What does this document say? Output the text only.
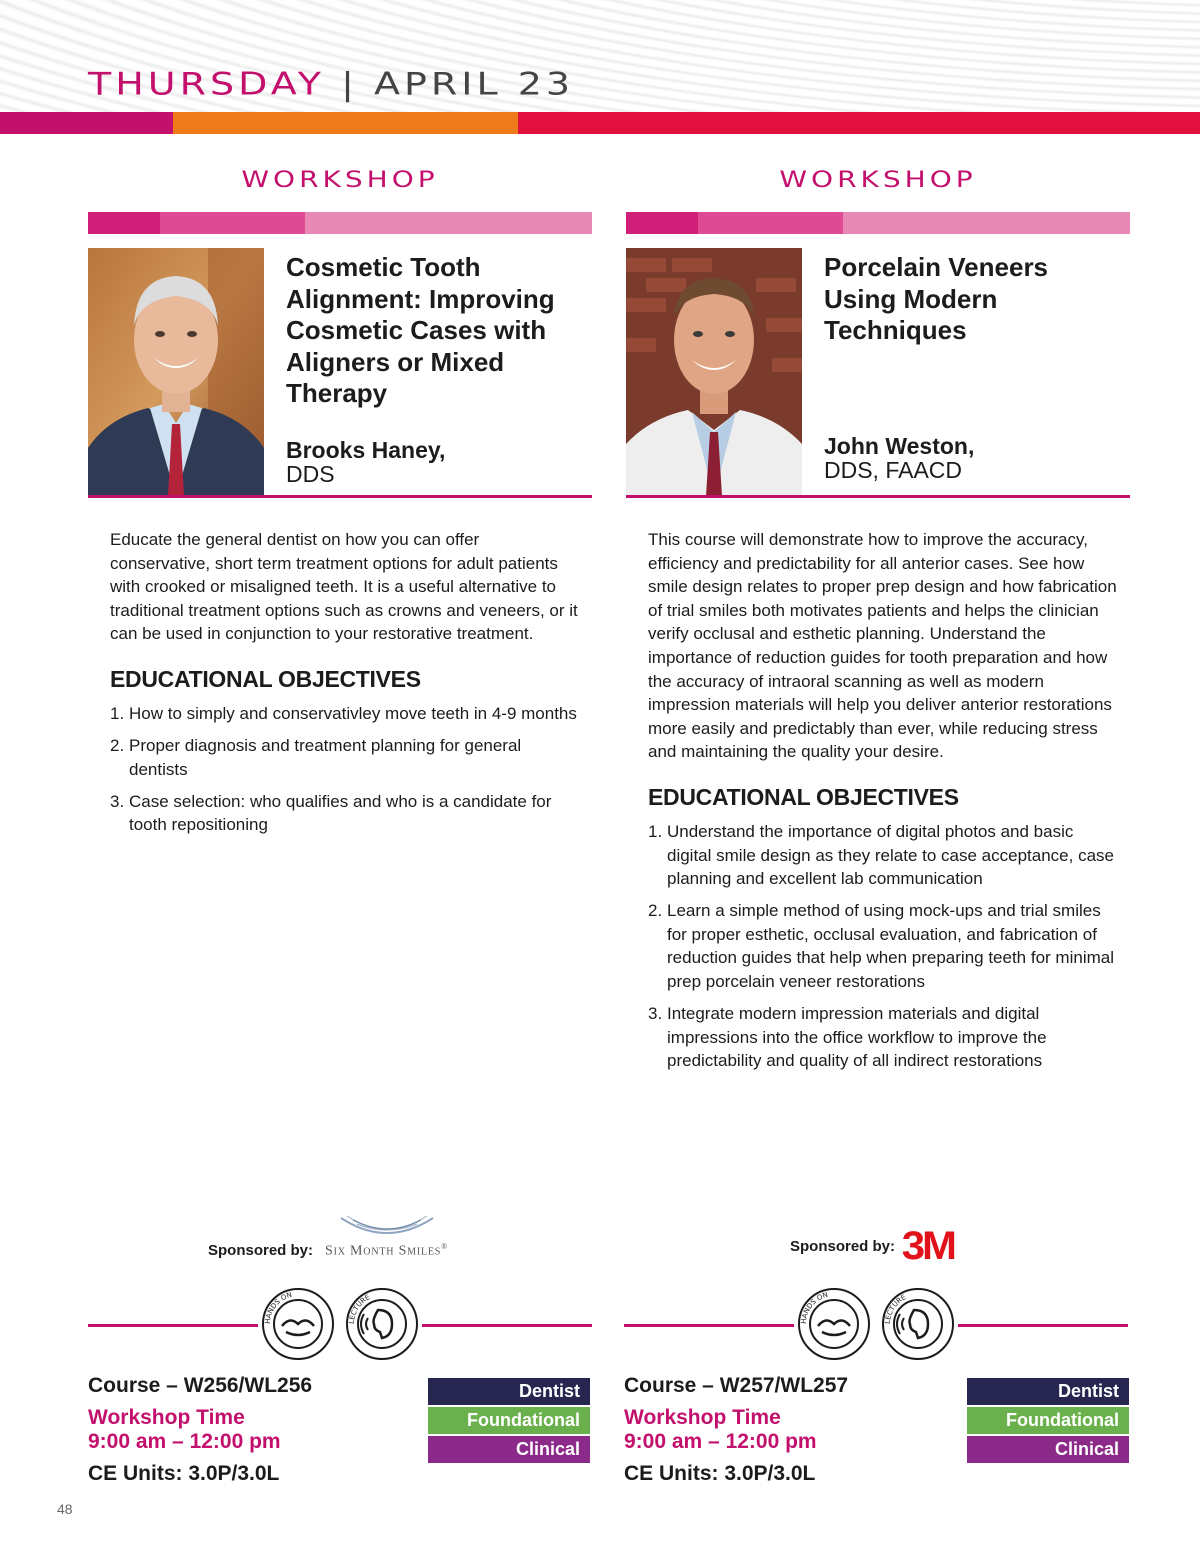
THURSDAY | APRIL 23
WORKSHOP
Cosmetic Tooth Alignment: Improving Cosmetic Cases with Aligners or Mixed Therapy
Brooks Haney,
DDS

Educate the general dentist on how you can offer conservative, short term treatment options for adult patients with crooked or misaligned teeth. It is a useful alternative to traditional treatment options such as crowns and veneers, or it can be used in conjunction to your restorative treatment.

EDUCATIONAL OBJECTIVES
1. How to simply and conservativley move teeth in 4-9 months
2. Proper diagnosis and treatment planning for general dentists
3. Case selection: who qualifies and who is a candidate for tooth repositioning
WORKSHOP
Porcelain Veneers Using Modern Techniques
John Weston,
DDS, FAACD

This course will demonstrate how to improve the accuracy, efficiency and predictability for all anterior cases. See how smile design relates to proper prep design and how fabrication of trial smiles both motivates patients and helps the clinician verify occlusal and esthetic planning. Understand the importance of reduction guides for tooth preparation and how the accuracy of intraoral scanning as well as modern impression materials will help you deliver anterior restorations more easily and predictably than ever, while reducing stress and maintaining the quality your desire.

EDUCATIONAL OBJECTIVES
1. Understand the importance of digital photos and basic digital smile design as they relate to case acceptance, case planning and excellent lab communication
2. Learn a simple method of using mock-ups and trial smiles for proper esthetic, occlusal evaluation, and fabrication of reduction guides that help when preparing teeth for minimal prep porcelain veneer restorations
3. Integrate modern impression materials and digital impressions into the office workflow to improve the predictability and quality of all indirect restorations
Sponsored by: Six Month Smiles®	Sponsored by: 3M
HANDS ON
LECTURE
HANDS ON
LECTURE
Course – W256/WL256
Workshop Time
9:00 am – 12:00 pm
CE Units: 3.0P/3.0L
Dentist
Foundational
Clinical
Course – W257/WL257
Workshop Time
9:00 am – 12:00 pm
CE Units: 3.0P/3.0L
Dentist
Foundational
Clinical
48
